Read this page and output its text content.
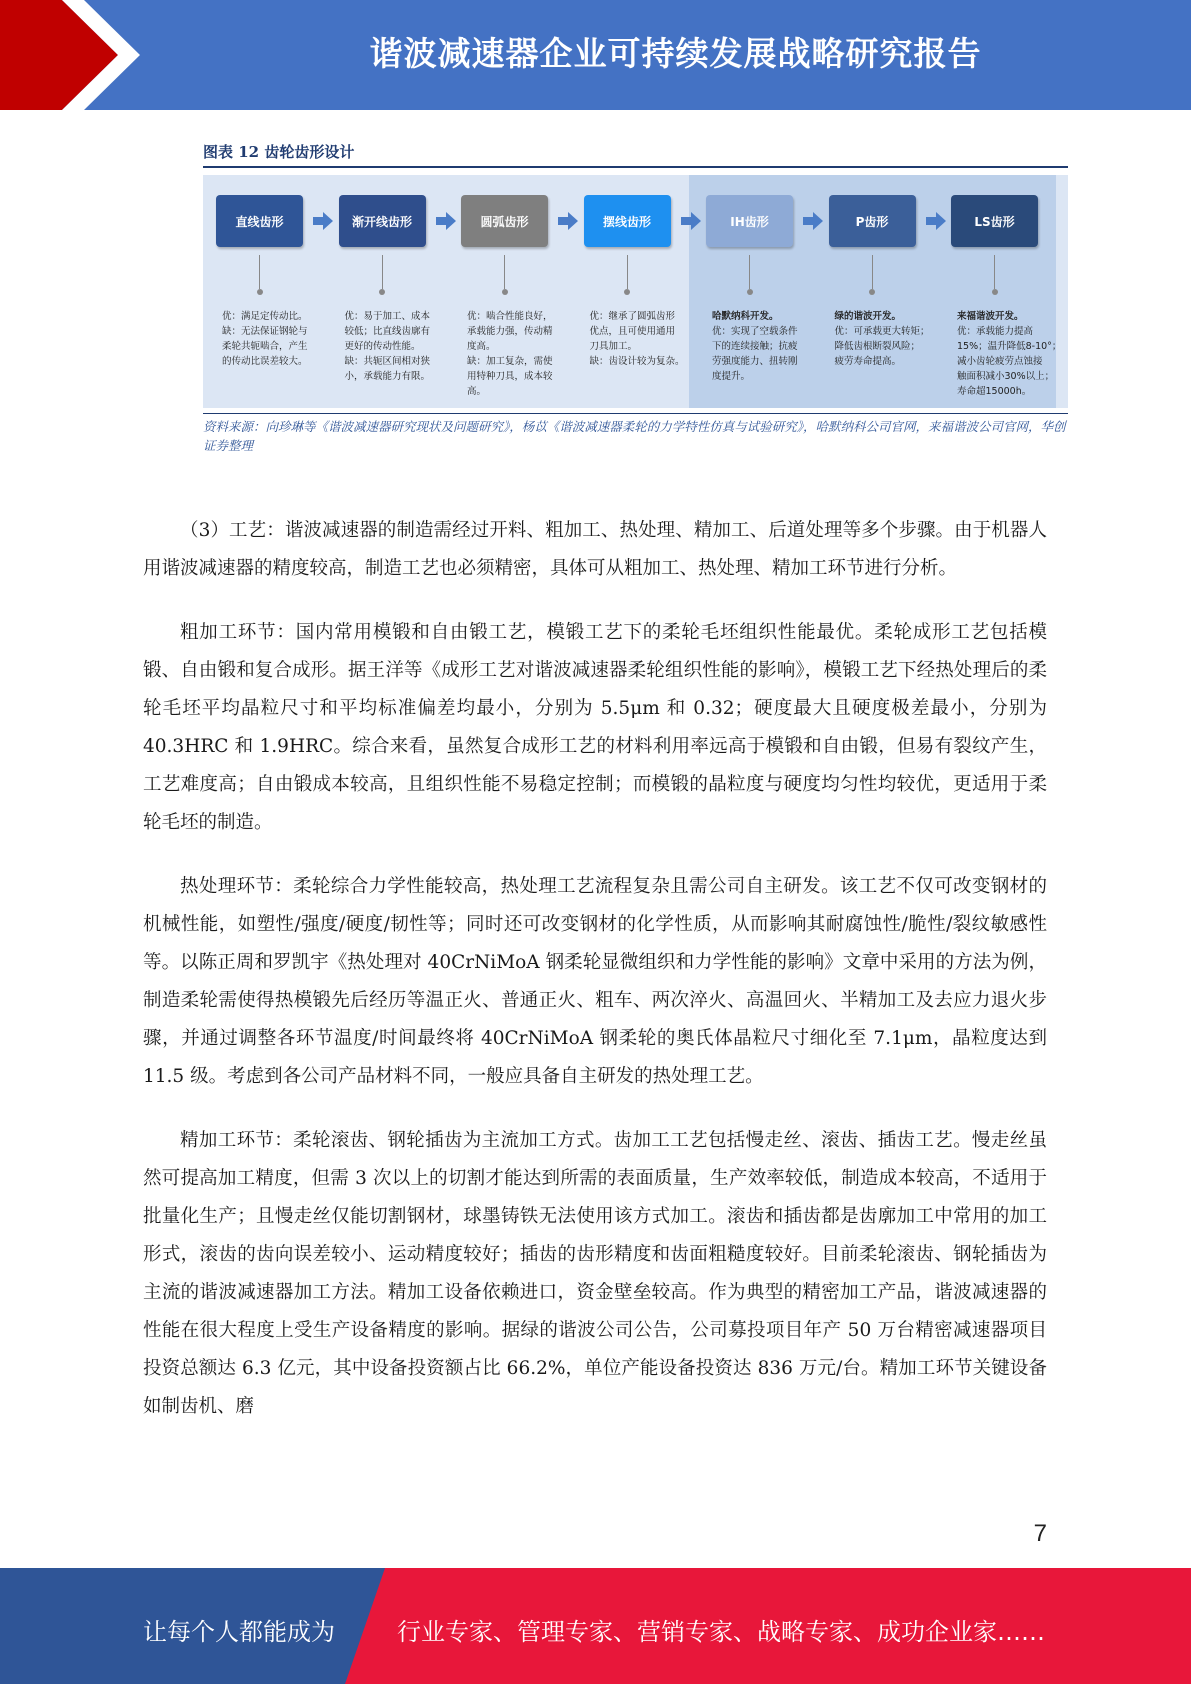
谐波减速器企业可持续发展战略研究报告
图表 12 齿轮齿形设计
直线齿形
优：满足定传动比。
缺：无法保证钢轮与
柔轮共轭啮合，产生
的传动比误差较大。
渐开线齿形
优：易于加工、成本
较低；比直线齿廓有
更好的传动性能。
缺：共轭区间相对狭
小，承载能力有限。
圆弧齿形
优：啮合性能良好，
承载能力强，传动精
度高。
缺：加工复杂，需使
用特种刀具，成本较
高。
摆线齿形
优：继承了圆弧齿形
优点，且可使用通用
刀具加工。
缺：齿设计较为复杂。
IH齿形
哈默纳科开发。
优：实现了空载条件
下的连续接触；抗疲
劳强度能力、扭转刚
度提升。
P齿形
绿的谐波开发。
优：可承载更大转矩；
降低齿根断裂风险；
疲劳寿命提高。
LS齿形
来福谐波开发。
优：承载能力提高
15%；温升降低8-10°；
减小齿轮疲劳点蚀接
触面积减小30%以上；
寿命超15000h。
资料来源：向珍琳等《谐波减速器研究现状及问题研究》，杨苡《谐波减速器柔轮的力学特性仿真与试验研究》，哈默纳科公司官网，来福谐波公司官网，华创证券整理

（3）工艺：谐波减速器的制造需经过开料、粗加工、热处理、精加工、后道处理等多个步骤。由于机器人用谐波减速器的精度较高，制造工艺也必须精密，具体可从粗加工、热处理、精加工环节进行分析。

粗加工环节：国内常用模锻和自由锻工艺，模锻工艺下的柔轮毛坯组织性能最优。柔轮成形工艺包括模锻、自由锻和复合成形。据王洋等《成形工艺对谐波减速器柔轮组织性能的影响》，模锻工艺下经热处理后的柔轮毛坯平均晶粒尺寸和平均标准偏差均最小，分别为 5.5μm 和 0.32；硬度最大且硬度极差最小，分别为 40.3HRC 和 1.9HRC。综合来看，虽然复合成形工艺的材料利用率远高于模锻和自由锻，但易有裂纹产生，工艺难度高；自由锻成本较高，且组织性能不易稳定控制；而模锻的晶粒度与硬度均匀性均较优，更适用于柔轮毛坯的制造。

热处理环节：柔轮综合力学性能较高，热处理工艺流程复杂且需公司自主研发。该工艺不仅可改变钢材的机械性能，如塑性/强度/硬度/韧性等；同时还可改变钢材的化学性质，从而影响其耐腐蚀性/脆性/裂纹敏感性等。以陈正周和罗凯宇《热处理对 40CrNiMoA 钢柔轮显微组织和力学性能的影响》文章中采用的方法为例，制造柔轮需使得热模锻先后经历等温正火、普通正火、粗车、两次淬火、高温回火、半精加工及去应力退火步骤，并通过调整各环节温度/时间最终将 40CrNiMoA 钢柔轮的奥氏体晶粒尺寸细化至 7.1μm，晶粒度达到 11.5 级。考虑到各公司产品材料不同，一般应具备自主研发的热处理工艺。

精加工环节：柔轮滚齿、钢轮插齿为主流加工方式。齿加工工艺包括慢走丝、滚齿、插齿工艺。慢走丝虽然可提高加工精度，但需 3 次以上的切割才能达到所需的表面质量，生产效率较低，制造成本较高，不适用于批量化生产；且慢走丝仅能切割钢材，球墨铸铁无法使用该方式加工。滚齿和插齿都是齿廓加工中常用的加工形式，滚齿的齿向误差较小、运动精度较好；插齿的齿形精度和齿面粗糙度较好。目前柔轮滚齿、钢轮插齿为主流的谐波减速器加工方法。精加工设备依赖进口，资金壁垒较高。作为典型的精密加工产品，谐波减速器的性能在很大程度上受生产设备精度的影响。据绿的谐波公司公告，公司募投项目年产 50 万台精密减速器项目投资总额达 6.3 亿元，其中设备投资额占比 66.2%，单位产能设备投资达 836 万元/台。精加工环节关键设备如制齿机、磨

7
让每个人都能成为	行业专家、管理专家、营销专家、战略专家、成功企业家……
